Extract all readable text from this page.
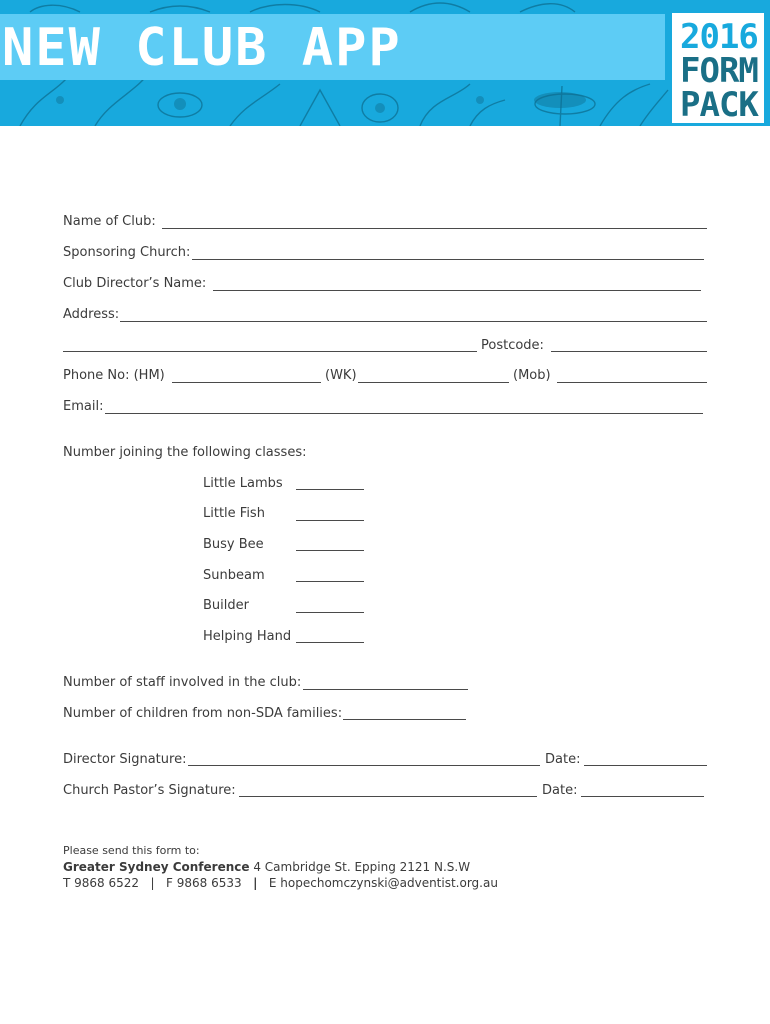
NEW CLUB APP	2016
FORM
PACK
Name of Club:
Sponsoring Church:
Club Director’s Name:
Address:
Postcode:
Phone No: (HM)	(WK)	(Mob)
Email:
Number joining the following classes:
Little Lambs
Little Fish
Busy Bee
Sunbeam
Builder
Helping Hand
Number of staff involved in the club:
Number of children from non-SDA families:
Director Signature:	Date:
Church Pastor’s Signature:	Date:
Please send this form to:
Greater Sydney Conference 4 Cambridge St. Epping 2121 N.S.W
T 9868 6522 | F 9868 6533 | E hopechomczynski@adventist.org.au
